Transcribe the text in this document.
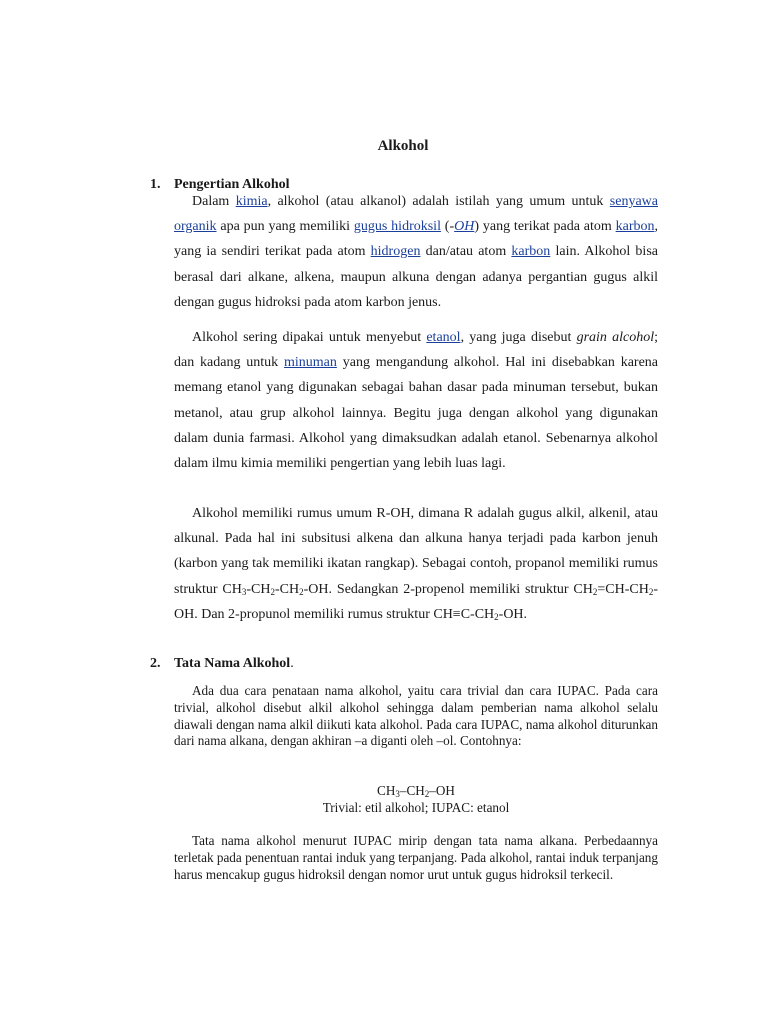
Alkohol
1. Pengertian Alkohol
Dalam kimia, alkohol (atau alkanol) adalah istilah yang umum untuk senyawa organik apa pun yang memiliki gugus hidroksil (-OH) yang terikat pada atom karbon, yang ia sendiri terikat pada atom hidrogen dan/atau atom karbon lain. Alkohol bisa berasal dari alkane, alkena, maupun alkuna dengan adanya pergantian gugus alkil dengan gugus hidroksi pada atom karbon jenus.
Alkohol sering dipakai untuk menyebut etanol, yang juga disebut grain alcohol; dan kadang untuk minuman yang mengandung alkohol. Hal ini disebabkan karena memang etanol yang digunakan sebagai bahan dasar pada minuman tersebut, bukan metanol, atau grup alkohol lainnya. Begitu juga dengan alkohol yang digunakan dalam dunia farmasi. Alkohol yang dimaksudkan adalah etanol. Sebenarnya alkohol dalam ilmu kimia memiliki pengertian yang lebih luas lagi.
Alkohol memiliki rumus umum R-OH, dimana R adalah gugus alkil, alkenil, atau alkunal. Pada hal ini subsitusi alkena dan alkuna hanya terjadi pada karbon jenuh (karbon yang tak memiliki ikatan rangkap). Sebagai contoh, propanol memiliki rumus struktur $CH_3-CH_2-CH_2-OH$. Sedangkan 2-propenol memiliki struktur $CH_2=CH-CH_2-OH$. Dan 2-propunol memiliki rumus struktur $CH\equiv C-CH_2-OH$.
2. Tata Nama Alkohol.
Ada dua cara penataan nama alkohol, yaitu cara trivial dan cara IUPAC. Pada cara trivial, alkohol disebut alkil alkohol sehingga dalam pemberian nama alkohol selalu diawali dengan nama alkil diikuti kata alkohol. Pada cara IUPAC, nama alkohol diturunkan dari nama alkana, dengan akhiran –a diganti oleh –ol. Contohnya:
$CH_3-CH_2-OH$
Trivial: etil alkohol; IUPAC: etanol
Tata nama alkohol menurut IUPAC mirip dengan tata nama alkana. Perbedaannya terletak pada penentuan rantai induk yang terpanjang. Pada alkohol, rantai induk terpanjang harus mencakup gugus hidroksil dengan nomor urut untuk gugus hidroksil terkecil.
